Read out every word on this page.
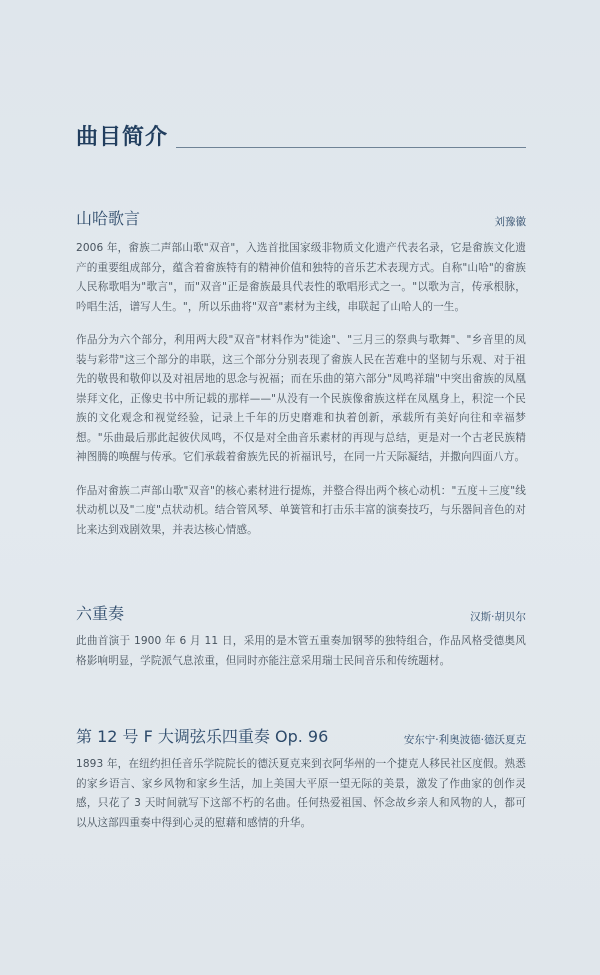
曲目简介
山哈歌言	刘豫徽

2006 年，畲族二声部山歌"双音"，入选首批国家级非物质文化遗产代表名录，它是畲族文化遗产的重要组成部分，蕴含着畲族特有的精神价值和独特的音乐艺术表现方式。自称"山哈"的畲族人民称歌唱为"歌言"，而"双音"正是畲族最具代表性的歌唱形式之一。"以歌为言，传承根脉，吟唱生活，谱写人生。"，所以乐曲将"双音"素材为主线，串联起了山哈人的一生。

作品分为六个部分，利用两大段"双音"材料作为"徙途"、"三月三的祭典与歌舞"、"乡音里的凤装与彩带"这三个部分的串联，这三个部分分别表现了畲族人民在苦难中的坚韧与乐观、对于祖先的敬畏和敬仰以及对祖居地的思念与祝福；而在乐曲的第六部分"凤鸣祥瑞"中突出畲族的凤凰崇拜文化，正像史书中所记载的那样——"从没有一个民族像畲族这样在凤凰身上，积淀一个民族的文化观念和视觉经验，记录上千年的历史磨难和执着创新，承载所有美好向往和幸福梦想。"乐曲最后那此起彼伏凤鸣，不仅是对全曲音乐素材的再现与总结，更是对一个古老民族精神图腾的唤醒与传承。它们承载着畲族先民的祈福讯号，在同一片天际凝结，并撒向四面八方。

作品对畲族二声部山歌"双音"的核心素材进行提炼，并整合得出两个核心动机："五度＋三度"线状动机以及"二度"点状动机。结合管风琴、单簧管和打击乐丰富的演奏技巧，与乐器间音色的对比来达到戏剧效果，并表达核心情感。

六重奏	汉斯·胡贝尔

此曲首演于 1900 年 6 月 11 日，采用的是木管五重奏加钢琴的独特组合，作品风格受德奥风格影响明显，学院派气息浓重，但同时亦能注意采用瑞士民间音乐和传统题材。

第 12 号 F 大调弦乐四重奏 Op. 96	安东宁·利奥波德·德沃夏克

1893 年，在纽约担任音乐学院院长的德沃夏克来到衣阿华州的一个捷克人移民社区度假。熟悉的家乡语言、家乡风物和家乡生活，加上美国大平原一望无际的美景，激发了作曲家的创作灵感，只花了 3 天时间就写下这部不朽的名曲。任何热爱祖国、怀念故乡亲人和风物的人，都可以从这部四重奏中得到心灵的慰藉和感情的升华。
